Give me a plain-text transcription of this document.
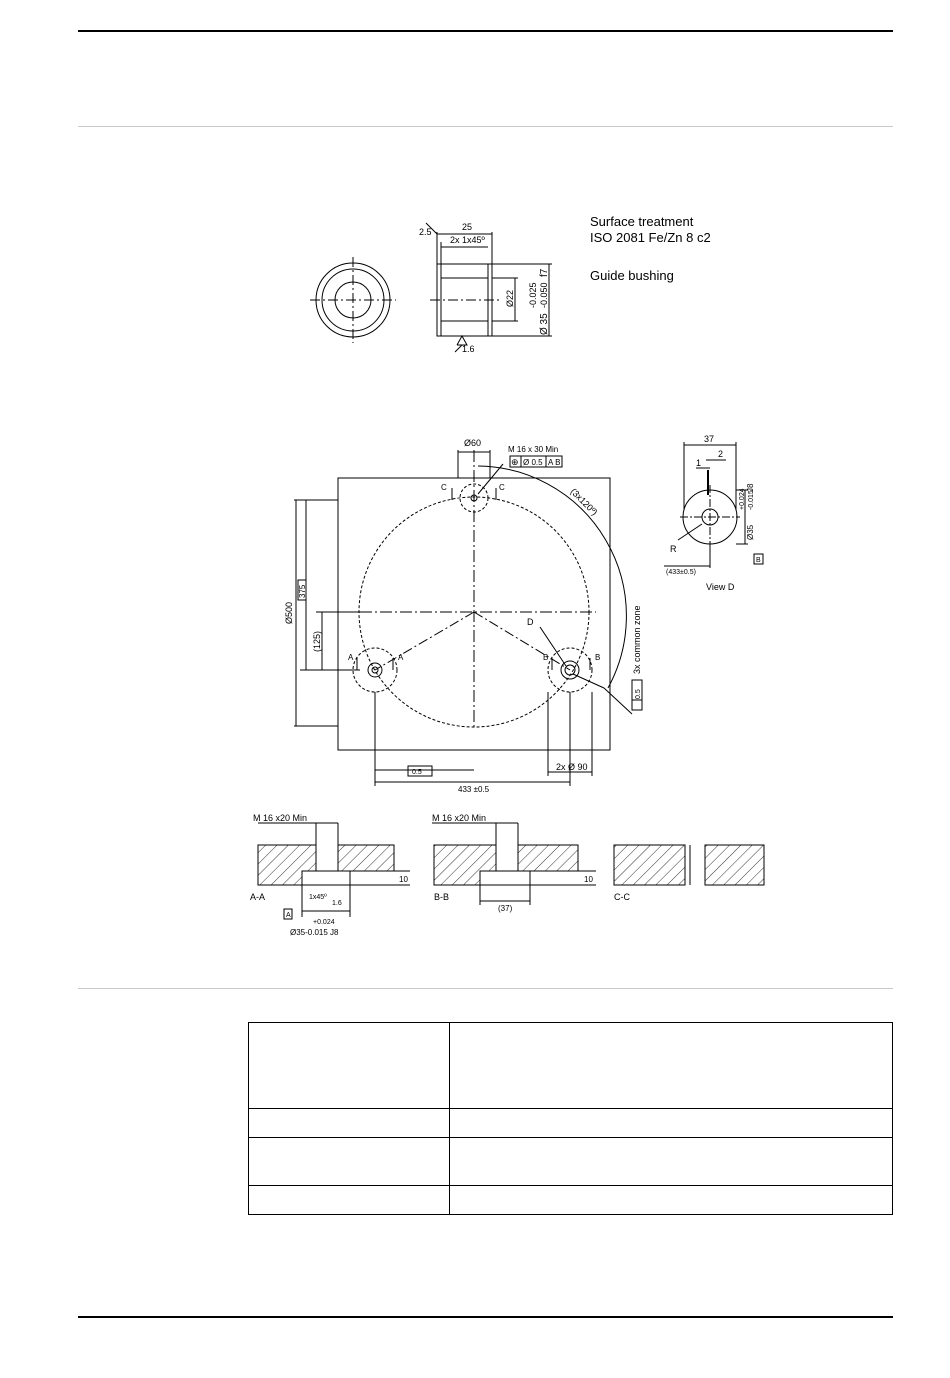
25
2.5
2x 1x45º
1.6
Ø22 -0.025 -0.050
Ø 35
f7
Surface treatment
ISO 2081 Fe/Zn 8 c2
Guide bushing
Ø60
M 16 x 30 Min
⊕ Ø 0.5 A B
(3x120º)
C	C
Ø500
375
(125)
A	A	B	B
D	3x common zone
0.5
0.5
2x Ø 90
433 ±0.5
37
2
1
+0.024 -0.015
Ø35
J8
R
(433±0.5)
B
View D
M 16 x20 Min
A-A	1x45º
1.6
A
+0.024
Ø35-0.015 J8
10
M 16 x20 Min
B-B
(37)
10
C-C
